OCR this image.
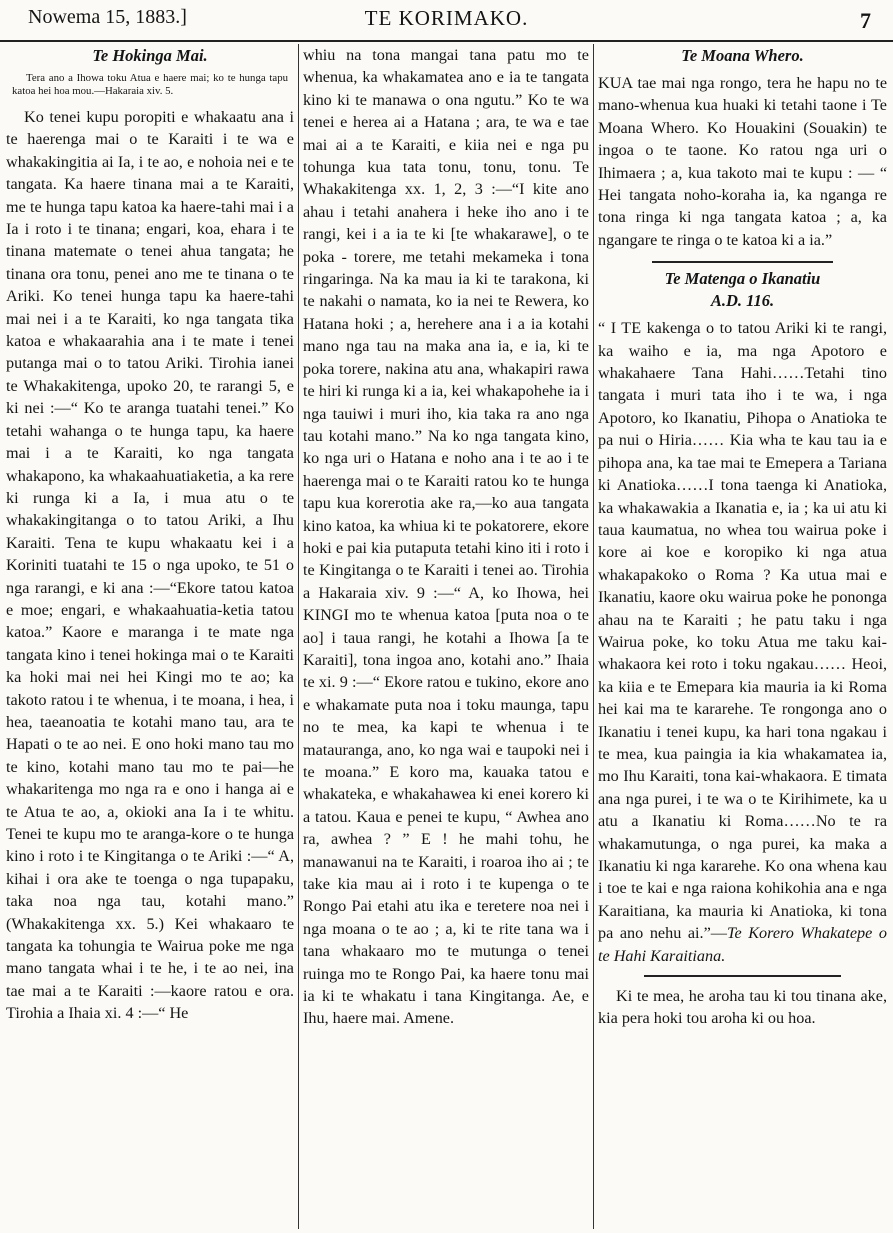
Nowema 15, 1883.]	TE KORIMAKO.	7
Te Hokinga Mai.
Tera ano a Ihowa toku Atua e haere mai; ko te hunga tapu katoa hei hoa mou.—Hakaraia xiv. 5.

Ko tenei kupu poropiti e whakaatu ana i te haerenga mai o te Karaiti i te wa e whakakingitia ai Ia, i te ao, e nohoia nei e te tangata. Ka haere tinana mai a te Karaiti, me te hunga tapu katoa ka haere-tahi mai i a Ia i roto i te tinana; engari, koa, ehara i te tinana matemate o tenei ahua tangata; he tinana ora tonu, penei ano me te tinana o te Ariki. Ko tenei hunga tapu ka haere-tahi mai nei i a te Karaiti, ko nga tangata tika katoa e whakaarahia ana i te mate i tenei putanga mai o to tatou Ariki. Tirohia ianei te Whakakitenga, upoko 20, te rarangi 5, e ki nei :—“ Ko te aranga tuatahi tenei.” Ko tetahi wahanga o te hunga tapu, ka haere mai i a te Karaiti, ko nga tangata whakapono, ka whakaahuatiaketia, a ka rere ki runga ki a Ia, i mua atu o te whakakingitanga o to tatou Ariki, a Ihu Karaiti. Tena te kupu whakaatu kei i a Koriniti tuatahi te 15 o nga upoko, te 51 o nga rarangi, e ki ana :—“Ekore tatou katoa e moe; engari, e whakaahuatia-ketia tatou katoa.” Kaore e maranga i te mate nga tangata kino i tenei hokinga mai o te Karaiti ka hoki mai nei hei Kingi mo te ao; ka takoto ratou i te whenua, i te moana, i hea, i hea, taeanoatia te kotahi mano tau, ara te Hapati o te ao nei. E ono hoki mano tau mo te kino, kotahi mano tau mo te pai—he whakaritenga mo nga ra e ono i hanga ai e te Atua te ao, a, okioki ana Ia i te whitu. Tenei te kupu mo te aranga-kore o te hunga kino i roto i te Kingitanga o te Ariki :—“ A, kihai i ora ake te toenga o nga tupapaku, taka noa nga tau, kotahi mano.” (Whakakitenga xx. 5.) Kei whakaaro te tangata ka tohungia te Wairua poke me nga mano tangata whai i te he, i te ao nei, ina tae mai a te Karaiti :—kaore ratou e ora. Tirohia a Ihaia xi. 4 :—“ He

whiu na tona mangai tana patu mo te whenua, ka whakamatea ano e ia te tangata kino ki te manawa o ona ngutu.” Ko te wa tenei e herea ai a Hatana ; ara, te wa e tae mai ai a te Karaiti, e kiia nei e nga pu tohunga kua tata tonu, tonu, tonu. Te Whakakitenga xx. 1, 2, 3 :—“I kite ano ahau i tetahi anahera i heke iho ano i te rangi, kei i a ia te ki [te whakarawe], o te poka - torere, me tetahi mekameka i tona ringaringa. Na ka mau ia ki te tarakona, ki te nakahi o namata, ko ia nei te Rewera, ko Hatana hoki ; a, herehere ana i a ia kotahi mano nga tau na maka ana ia, e ia, ki te poka torere, nakina atu ana, whakapiri rawa te hiri ki runga ki a ia, kei whakapohehe ia i nga tauiwi i muri iho, kia taka ra ano nga tau kotahi mano.” Na ko nga tangata kino, ko nga uri o Hatana e noho ana i te ao i te haerenga mai o te Karaiti ratou ko te hunga tapu kua korerotia ake ra,—ko aua tangata kino katoa, ka whiua ki te pokatorere, ekore hoki e pai kia putaputa tetahi kino iti i roto i te Kingitanga o te Karaiti i tenei ao. Tirohia a Hakaraia xiv. 9 :—“ A, ko Ihowa, hei KINGI mo te whenua katoa [puta noa o te ao] i taua rangi, he kotahi a Ihowa [a te Karaiti], tona ingoa ano, kotahi ano.” Ihaia te xi. 9 :—“ Ekore ratou e tukino, ekore ano e whakamate puta noa i toku maunga, tapu no te mea, ka kapi te whenua i te matauranga, ano, ko nga wai e taupoki nei i te moana.” E koro ma, kauaka tatou e whakateka, e whakahawea ki enei korero ki a tatou. Kaua e penei te kupu, “ Awhea ano ra, awhea ? ” E ! he mahi tohu, he manawanui na te Karaiti, i roaroa iho ai ; te take kia mau ai i roto i te kupenga o te Rongo Pai etahi atu ika e teretere noa nei i nga moana o te ao ; a, ki te rite tana wa i tana whakaaro mo te mutunga o tenei ruinga mo te Rongo Pai, ka haere tonu mai ia ki te whakatu i tana Kingitanga. Ae, e Ihu, haere mai. Amene.

Te Moana Whero.

KUA tae mai nga rongo, tera he hapu no te mano-whenua kua huaki ki tetahi taone i Te Moana Whero. Ko Houakini (Souakin) te ingoa o te taone. Ko ratou nga uri o Ihimaera ; a, kua takoto mai te kupu : — “ Hei tangata noho-koraha ia, ka nganga re tona ringa ki nga tangata katoa ; a, ka ngangare te ringa o te katoa ki a ia.”

Te Matenga o Ikanatiu
A.D. 116.

“ I TE kakenga o to tatou Ariki ki te rangi, ka waiho e ia, ma nga Apotoro e whakahaere Tana Hahi……Tetahi tino tangata i muri tata iho i te wa, i nga Apotoro, ko Ikanatiu, Pihopa o Anatioka te pa nui o Hiria…… Kia wha te kau tau ia e pihopa ana, ka tae mai te Emepera a Tariana ki Anatioka……I tona taenga ki Anatioka, ka whakawakia a Ikanatia e, ia ; ka ui atu ki taua kaumatua, no whea tou wairua poke i kore ai koe e koropiko ki nga atua whakapakoko o Roma ? Ka utua mai e Ikanatiu, kaore oku wairua poke he pononga ahau na te Karaiti ; he patu taku i nga Wairua poke, ko toku Atua me taku kai-whakaora kei roto i toku ngakau…… Heoi, ka kiia e te Emepara kia mauria ia ki Roma hei kai ma te kararehe. Te rongonga ano o Ikanatiu i tenei kupu, ka hari tona ngakau i te mea, kua paingia ia kia whakamatea ia, mo Ihu Karaiti, tona kai-whakaora. E timata ana nga purei, i te wa o te Kirihimete, ka u atu a Ikanatiu ki Roma……No te ra whakamutunga, o nga purei, ka maka a Ikanatiu ki nga kararehe. Ko ona whena kau i toe te kai e nga raiona kohikohia ana e nga Karaitiana, ka mauria ki Anatioka, ki tona pa ano nehu ai.”—Te Korero Whakatepe o te Hahi Karaitiana.

Ki te mea, he aroha tau ki tou tinana ake, kia pera hoki tou aroha ki ou hoa.
